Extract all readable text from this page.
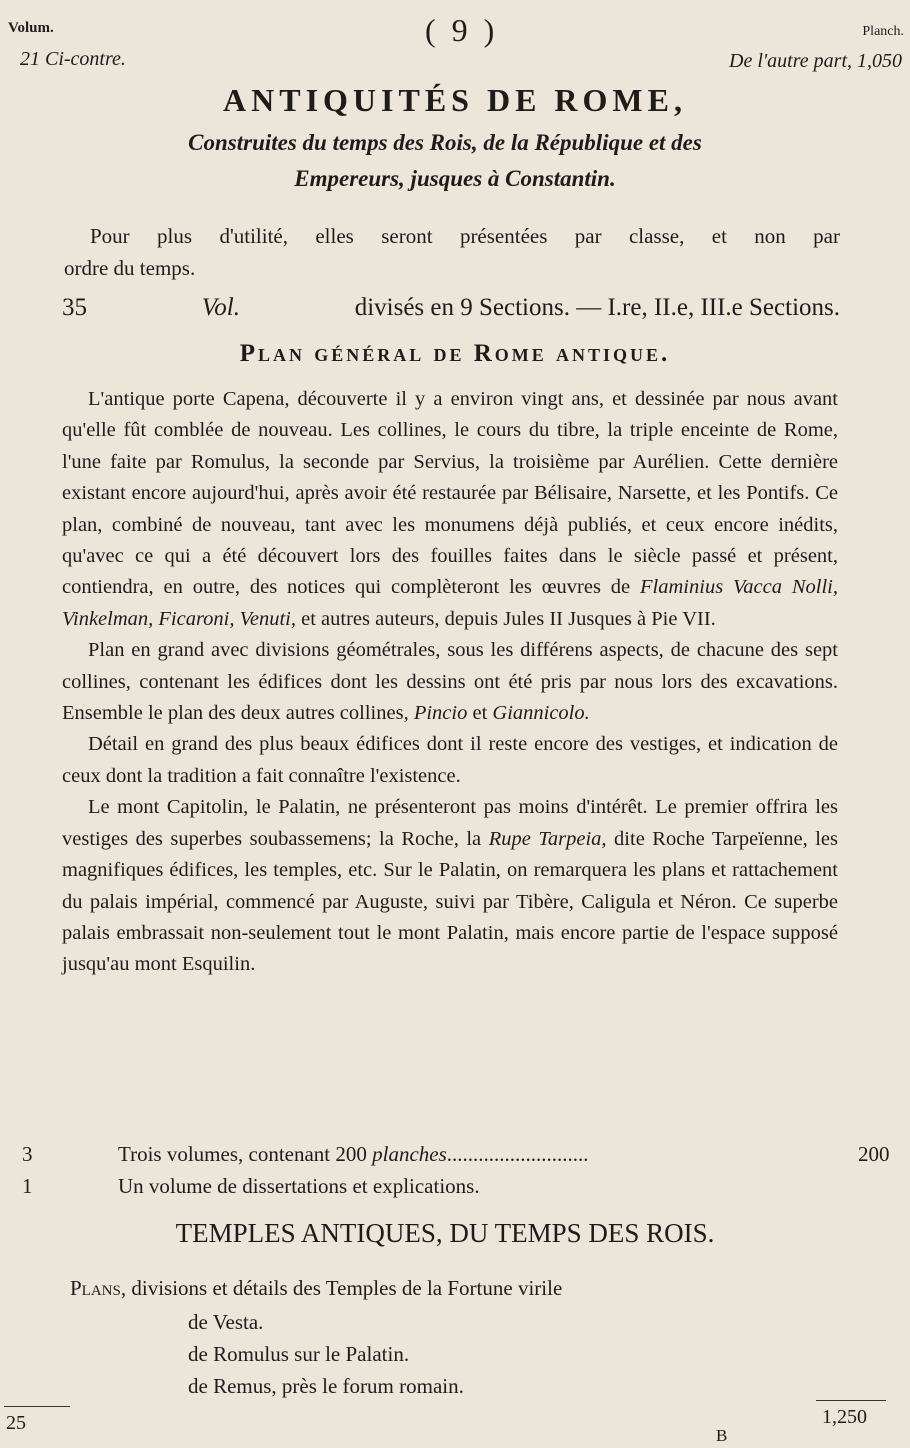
Volum.
21 Ci-contre.
( 9 )	Planch.
De l'autre part, 1,050
ANTIQUITÉS DE ROME,
Construites du temps des Rois, de la République et des
Empereurs, jusques à Constantin.
Pour plus d'utilité, elles seront présentées par classe, et non par
ordre du temps.
35	Vol.	divisés en 9 Sections. — I.re, II.e, III.e Sections.
Plan général de Rome antique.

L'antique porte Capena, découverte il y a environ vingt ans, et dessinée par nous avant qu'elle fût comblée de nouveau. Les collines, le cours du tibre, la triple enceinte de Rome, l'une faite par Romulus, la seconde par Servius, la troisième par Aurélien. Cette dernière existant encore aujourd'hui, après avoir été restaurée par Bélisaire, Narsette, et les Pontifs. Ce plan, combiné de nouveau, tant avec les monumens déjà publiés, et ceux encore inédits, qu'avec ce qui a été découvert lors des fouilles faites dans le siècle passé et présent, contiendra, en outre, des notices qui complèteront les œuvres de Flaminius Vacca Nolli, Vinkelman, Ficaroni, Venuti, et autres auteurs, depuis Jules II Jusques à Pie VII.

Plan en grand avec divisions géométrales, sous les différens aspects, de chacune des sept collines, contenant les édifices dont les dessins ont été pris par nous lors des excavations. Ensemble le plan des deux autres collines, Pincio et Giannicolo.

Détail en grand des plus beaux édifices dont il reste encore des vestiges, et indication de ceux dont la tradition a fait connaître l'existence.

Le mont Capitolin, le Palatin, ne présenteront pas moins d'intérêt. Le premier offrira les vestiges des superbes soubassemens; la Roche, la Rupe Tarpeia, dite Roche Tarpeïenne, les magnifiques édifices, les temples, etc. Sur le Palatin, on remarquera les plans et rattachement du palais impérial, commencé par Auguste, suivi par Tibère, Caligula et Néron. Ce superbe palais embrassait non-seulement tout le mont Palatin, mais encore partie de l'espace supposé jusqu'au mont Esquilin.

3	Trois volumes, contenant 200 planches...........................	200
1	Un volume de dissertations et explications.
TEMPLES ANTIQUES, DU TEMPS DES ROIS.
Plans, divisions et détails des Temples de la Fortune virile
de Vesta.
de Romulus sur le Palatin.
de Remus, près le forum romain.
25
B
1,250
